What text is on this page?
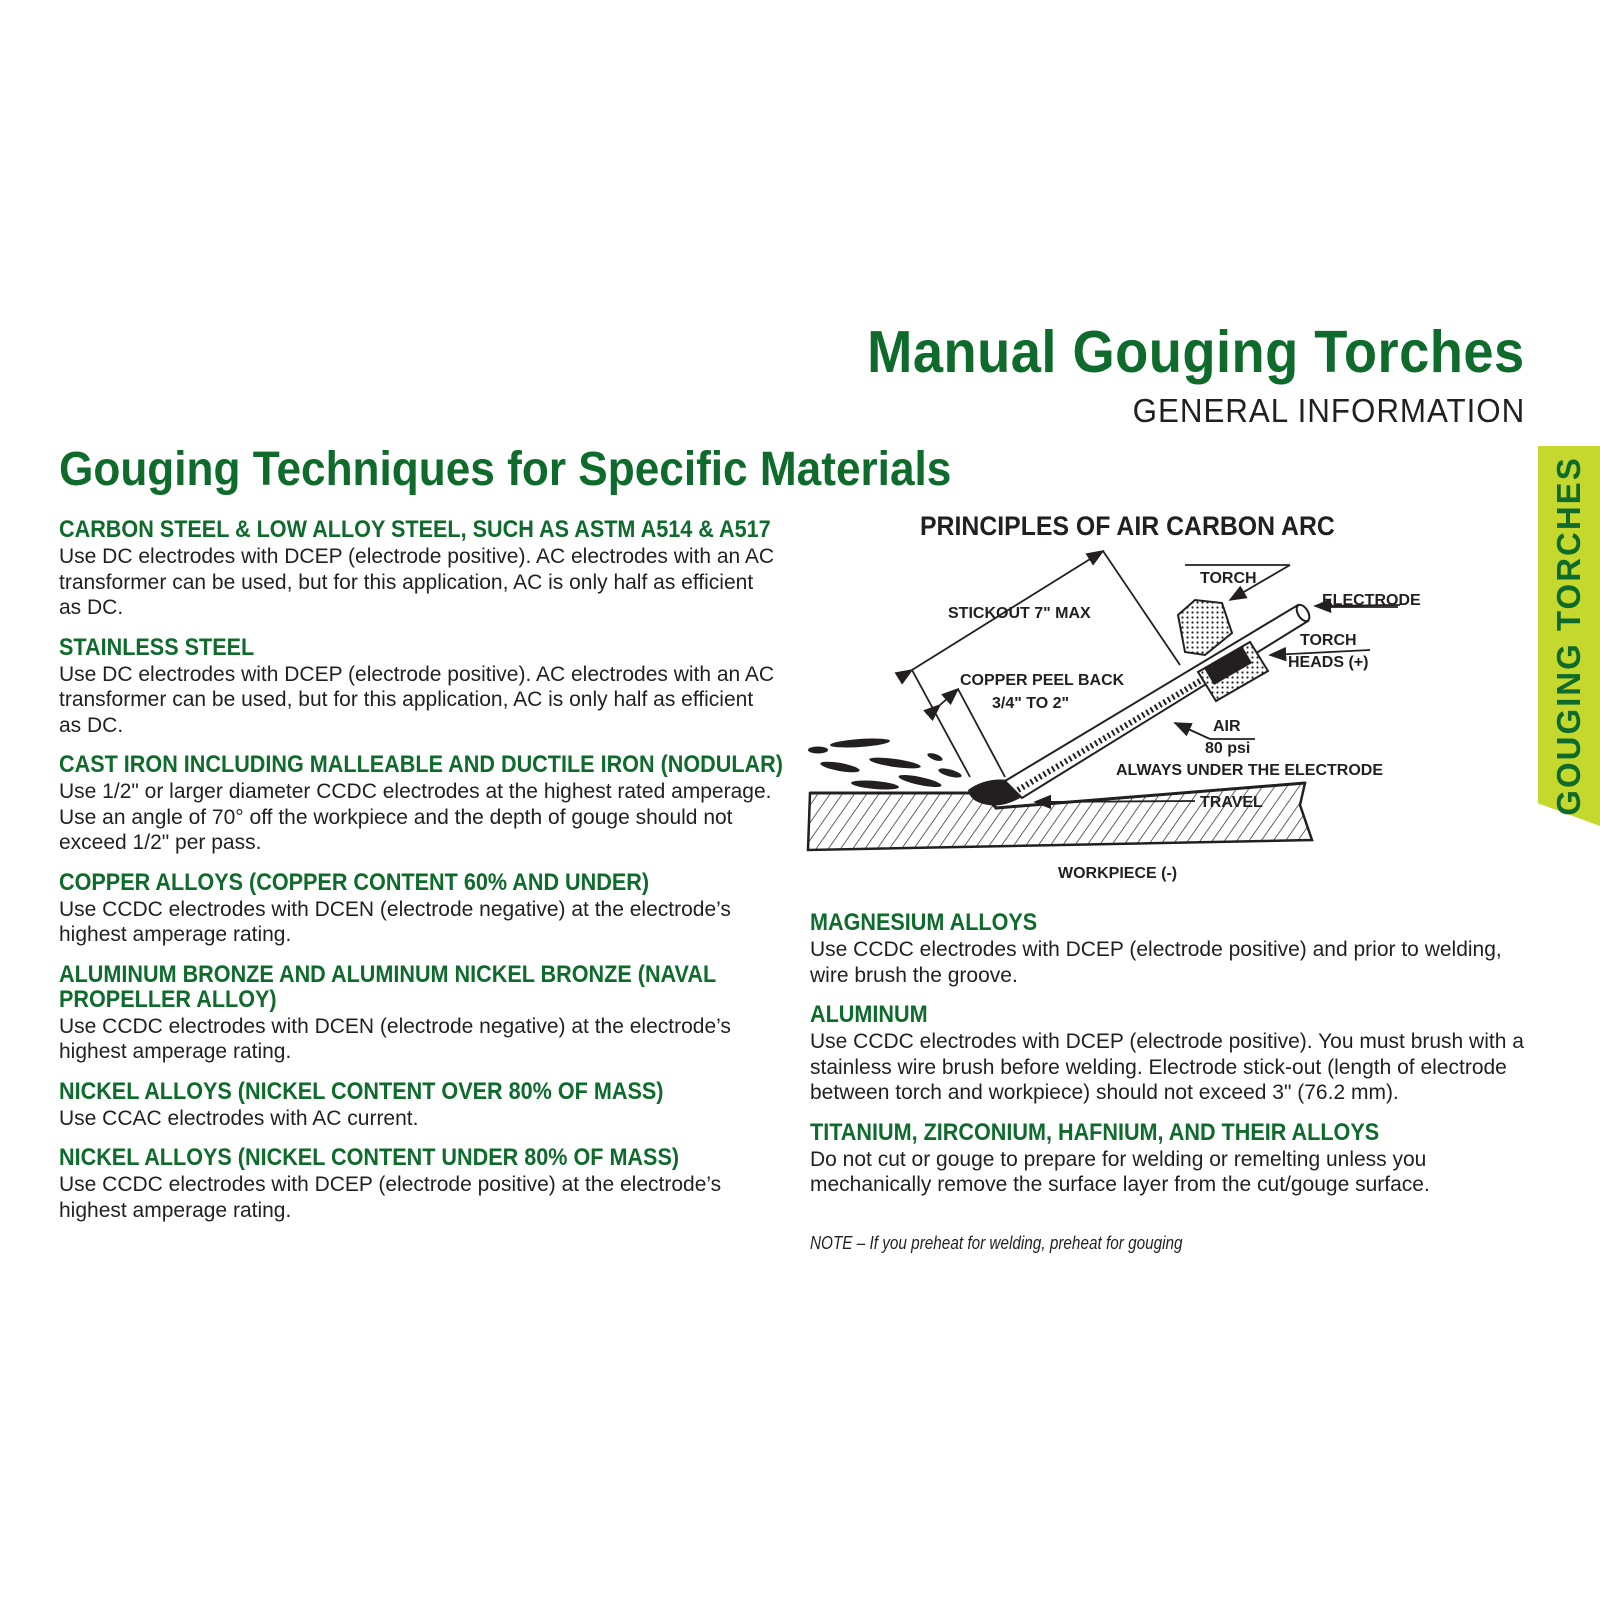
Manual Gouging Torches
GENERAL INFORMATION
GOUGING TORCHES
Gouging Techniques for Specific Materials
CARBON STEEL & LOW ALLOY STEEL, SUCH AS ASTM A514 & A517
Use DC electrodes with DCEP (electrode positive). AC electrodes with an AC transformer can be used, but for this application, AC is only half as efficient as DC.
STAINLESS STEEL
Use DC electrodes with DCEP (electrode positive). AC electrodes with an AC transformer can be used, but for this application, AC is only half as efficient as DC.
CAST IRON INCLUDING MALLEABLE AND DUCTILE IRON (NODULAR)
Use 1/2" or larger diameter CCDC electrodes at the highest rated amperage. Use an angle of 70° off the workpiece and the depth of gouge should not exceed 1/2" per pass.
COPPER ALLOYS (COPPER CONTENT 60% AND UNDER)
Use CCDC electrodes with DCEN (electrode negative) at the electrode’s highest amperage rating.
ALUMINUM BRONZE AND ALUMINUM NICKEL BRONZE (NAVAL PROPELLER ALLOY)
Use CCDC electrodes with DCEN (electrode negative) at the electrode’s highest amperage rating.
NICKEL ALLOYS (NICKEL CONTENT OVER 80% OF MASS)
Use CCAC electrodes with AC current.
NICKEL ALLOYS (NICKEL CONTENT UNDER 80% OF MASS)
Use CCDC electrodes with DCEP (electrode positive) at the electrode’s highest amperage rating.
MAGNESIUM ALLOYS
Use CCDC electrodes with DCEP (electrode positive) and prior to welding, wire brush the groove.
ALUMINUM
Use CCDC electrodes with DCEP (electrode positive). You must brush with a stainless wire brush before welding. Electrode stick-out (length of electrode between torch and workpiece) should not exceed 3" (76.2 mm).
TITANIUM, ZIRCONIUM, HAFNIUM, AND THEIR ALLOYS
Do not cut or gouge to prepare for welding or remelting unless you mechanically remove the surface layer from the cut/gouge surface.
NOTE – If you preheat for welding, preheat for gouging
PRINCIPLES OF AIR CARBON ARC
TORCH
ELECTRODE
TORCH
HEADS (+)
STICKOUT 7" MAX
COPPER PEEL BACK
3/4" TO 2"
AIR
80 psi
ALWAYS UNDER THE ELECTRODE
TRAVEL
WORKPIECE (-)
